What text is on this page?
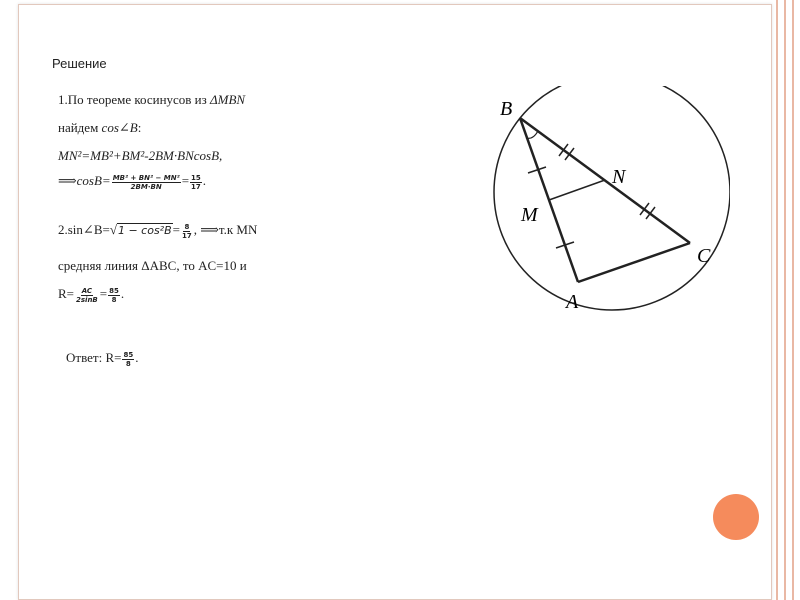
Решение
1.По теореме косинусов из ΔMBN
найдем cos∠B:
MN²=MB²+BM²-2BM∙BNcosB,
⟹cosB= $\frac{\text{MB² + BN² − MN²}}{2BM\cdot BN} = \frac{15}{17}$ .
2.sin∠B=√1 − $\cos^2B= \frac{8}{17}$ , ⟹т.к MN
средняя линия ΔABC, то AC=10 и
$R= \frac{AC}{2\sin B} = \frac{85}{8}$ .
Ответ: $R= \frac{85}{8}$ .
B
N
M
C
A
